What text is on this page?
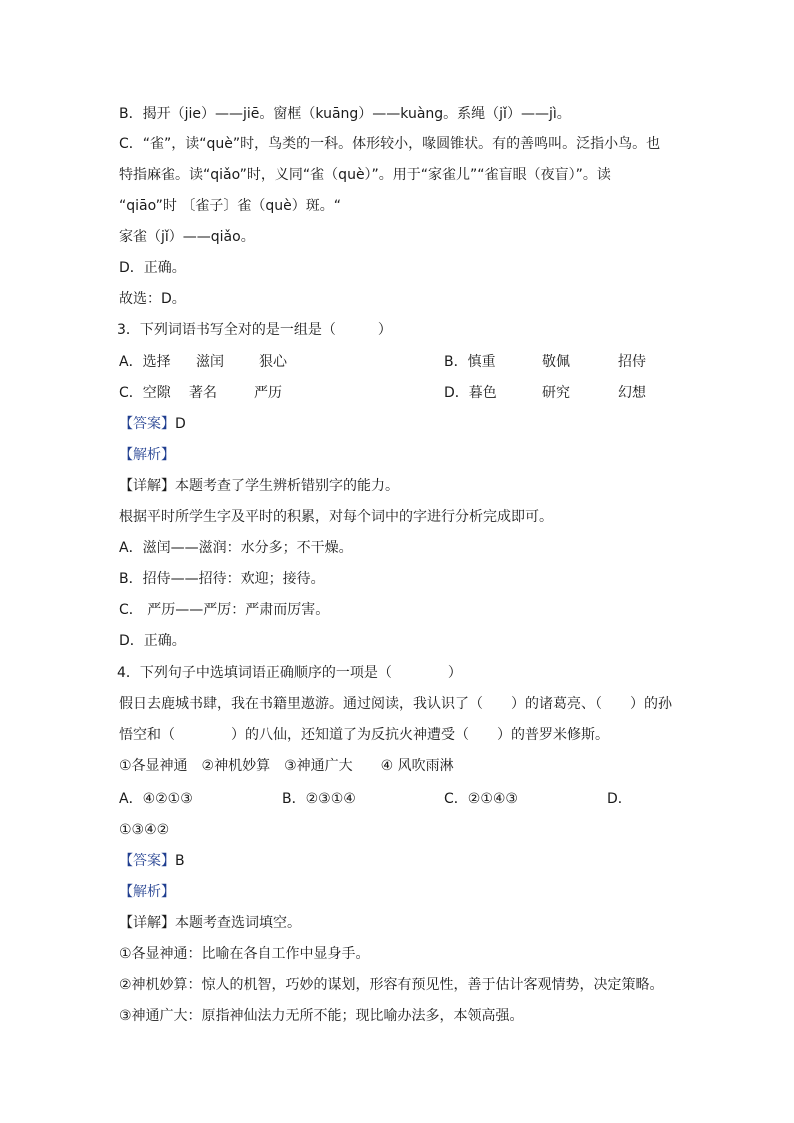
B．揭开（jie）——jiē。窗框（kuāng）——kuàng。系绳（jǐ）——jì。
C．“雀”，读“què”时，鸟类的一科。体形较小，喙圆锥状。有的善鸣叫。泛指小鸟。也
特指麻雀。读“qiǎo”时，义同“雀（què）”。用于“家雀儿”“雀盲眼（夜盲）”。读
“qiāo”时 〔雀子〕雀（què）斑。“
家雀（jǐ）——qiǎo。
D．正确。
故选：D。
3．下列词语书写全对的是一组是（　　　）
A．选择 滋闰	狠心	B．慎重	敬佩	招侍
C．空隙 著名	严历	D．暮色	研究	幻想
【答案】D
【解析】
【详解】本题考查了学生辨析错别字的能力。
根据平时所学生字及平时的积累，对每个词中的字进行分析完成即可。
A．滋闰——滋润：水分多；不干燥。
B．招侍——招待：欢迎；接待。
C． 严历——严厉：严肃而厉害。
D．正确。
4．下列句子中选填词语正确顺序的一项是（　　　　）
假日去鹿城书肆，我在书籍里遨游。通过阅读，我认识了（　　）的诸葛亮、（　　）的孙
悟空和（　　　　）的八仙，还知道了为反抗火神遭受（　　）的普罗米修斯。
①各显神通　②神机妙算　③神通广大　　④ 风吹雨淋
A．④②①③	B．②③①④	C．②①④③	D．
①③④②
【答案】B
【解析】
【详解】本题考查选词填空。
①各显神通：比喻在各自工作中显身手。
②神机妙算：惊人的机智，巧妙的谋划，形容有预见性，善于估计客观情势，决定策略。
③神通广大：原指神仙法力无所不能；现比喻办法多，本领高强。
